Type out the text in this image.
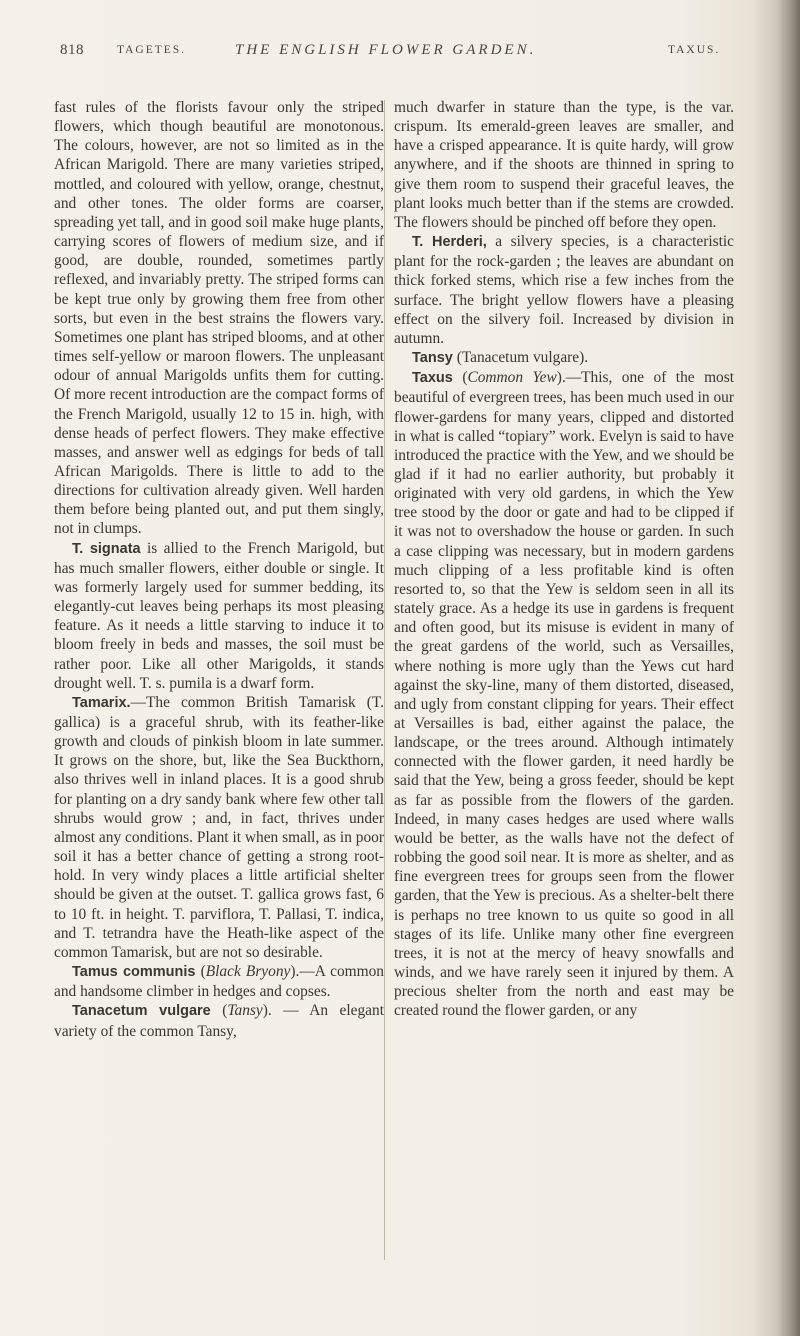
818	TAGETES.	THE ENGLISH FLOWER GARDEN.	TAXUS.

fast rules of the florists favour only the striped flowers, which though beautiful are monotonous. The colours, however, are not so limited as in the African Marigold. There are many varieties striped, mottled, and coloured with yellow, orange, chestnut, and other tones. The older forms are coarser, spreading yet tall, and in good soil make huge plants, carrying scores of flowers of medium size, and if good, are double, rounded, sometimes partly reflexed, and invariably pretty. The striped forms can be kept true only by growing them free from other sorts, but even in the best strains the flowers vary. Sometimes one plant has striped blooms, and at other times self-yellow or maroon flowers. The unpleasant odour of annual Marigolds unfits them for cutting. Of more recent introduction are the compact forms of the French Marigold, usually 12 to 15 in. high, with dense heads of perfect flowers. They make effective masses, and answer well as edgings for beds of tall African Marigolds. There is little to add to the directions for cultivation already given. Well harden them before being planted out, and put them singly, not in clumps.

T. signata is allied to the French Marigold, but has much smaller flowers, either double or single. It was formerly largely used for summer bedding, its elegantly-cut leaves being perhaps its most pleasing feature. As it needs a little starving to induce it to bloom freely in beds and masses, the soil must be rather poor. Like all other Marigolds, it stands drought well. T. s. pumila is a dwarf form.

Tamarix.—The common British Tamarisk (T. gallica) is a graceful shrub, with its feather-like growth and clouds of pinkish bloom in late summer. It grows on the shore, but, like the Sea Buckthorn, also thrives well in inland places. It is a good shrub for planting on a dry sandy bank where few other tall shrubs would grow ; and, in fact, thrives under almost any conditions. Plant it when small, as in poor soil it has a better chance of getting a strong root-hold. In very windy places a little artificial shelter should be given at the outset. T. gallica grows fast, 6 to 10 ft. in height. T. parviflora, T. Pallasi, T. indica, and T. tetrandra have the Heath-like aspect of the common Tamarisk, but are not so desirable.

Tamus communis (Black Bryony).—A common and handsome climber in hedges and copses.

Tanacetum vulgare (Tansy). — An elegant variety of the common Tansy,

much dwarfer in stature than the type, is the var. crispum. Its emerald-green leaves are smaller, and have a crisped appearance. It is quite hardy, will grow anywhere, and if the shoots are thinned in spring to give them room to suspend their graceful leaves, the plant looks much better than if the stems are crowded. The flowers should be pinched off before they open.

T. Herderi, a silvery species, is a characteristic plant for the rock-garden ; the leaves are abundant on thick forked stems, which rise a few inches from the surface. The bright yellow flowers have a pleasing effect on the silvery foil. Increased by division in autumn.

Tansy (Tanacetum vulgare).

Taxus (Common Yew).—This, one of the most beautiful of evergreen trees, has been much used in our flower-gardens for many years, clipped and distorted in what is called “topiary” work. Evelyn is said to have introduced the practice with the Yew, and we should be glad if it had no earlier authority, but probably it originated with very old gardens, in which the Yew tree stood by the door or gate and had to be clipped if it was not to overshadow the house or garden. In such a case clipping was necessary, but in modern gardens much clipping of a less profitable kind is often resorted to, so that the Yew is seldom seen in all its stately grace. As a hedge its use in gardens is frequent and often good, but its misuse is evident in many of the great gardens of the world, such as Versailles, where nothing is more ugly than the Yews cut hard against the sky-line, many of them distorted, diseased, and ugly from constant clipping for years. Their effect at Versailles is bad, either against the palace, the landscape, or the trees around. Although intimately connected with the flower garden, it need hardly be said that the Yew, being a gross feeder, should be kept as far as possible from the flowers of the garden. Indeed, in many cases hedges are used where walls would be better, as the walls have not the defect of robbing the good soil near. It is more as shelter, and as fine evergreen trees for groups seen from the flower garden, that the Yew is precious. As a shelter-belt there is perhaps no tree known to us quite so good in all stages of its life. Unlike many other fine evergreen trees, it is not at the mercy of heavy snowfalls and winds, and we have rarely seen it injured by them. A precious shelter from the north and east may be created round the flower garden, or any
